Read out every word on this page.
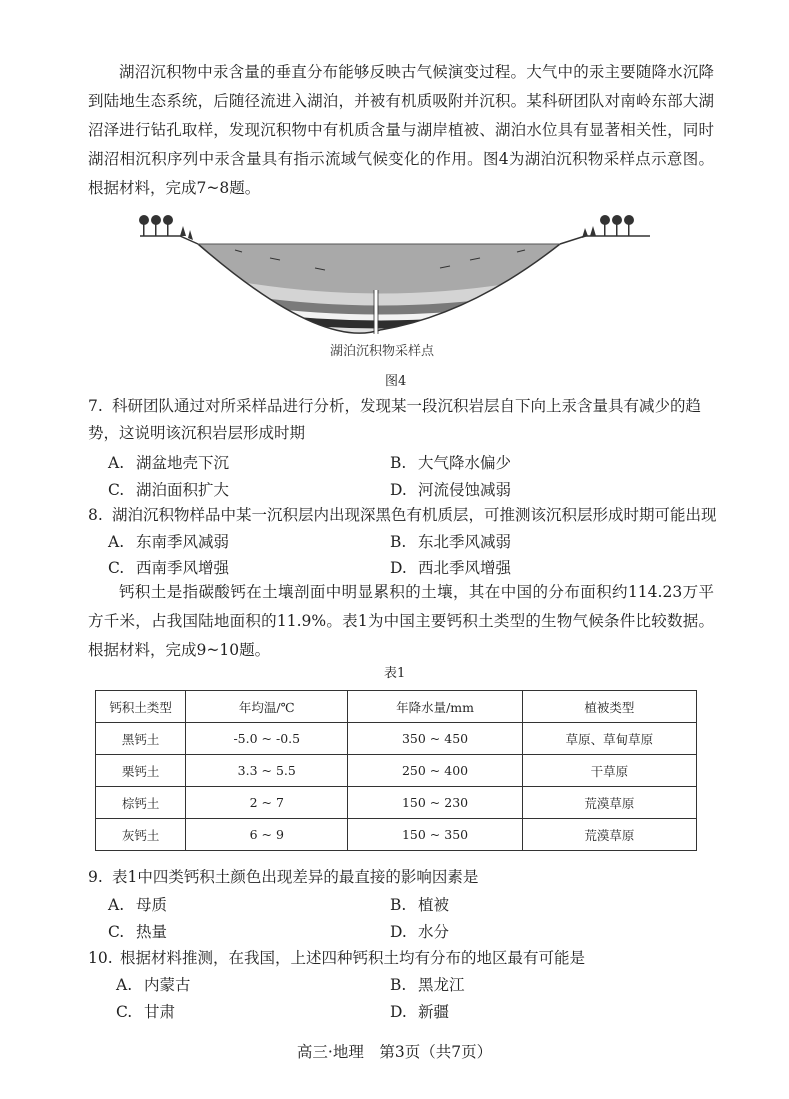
湖沼沉积物中汞含量的垂直分布能够反映古气候演变过程。大气中的汞主要随降水沉降到陆地生态系统，后随径流进入湖泊，并被有机质吸附并沉积。某科研团队对南岭东部大湖沼泽进行钻孔取样，发现沉积物中有机质含量与湖岸植被、湖泊水位具有显著相关性，同时湖沼相沉积序列中汞含量具有指示流域气候变化的作用。图4为湖泊沉积物采样点示意图。根据材料，完成7~8题。

湖泊沉积物采样点
图4
7. 科研团队通过对所采样品进行分析，发现某一段沉积岩层自下向上汞含量具有减少的趋势，这说明该沉积岩层形成时期
A. 湖盆地壳下沉	B. 大气降水偏少
C. 湖泊面积扩大	D. 河流侵蚀减弱
8. 湖泊沉积物样品中某一沉积层内出现深黑色有机质层，可推测该沉积层形成时期可能出现
A. 东南季风减弱	B. 东北季风减弱
C. 西南季风增强	D. 西北季风增强

钙积土是指碳酸钙在土壤剖面中明显累积的土壤，其在中国的分布面积约114.23万平方千米，占我国陆地面积的11.9%。表1为中国主要钙积土类型的生物气候条件比较数据。根据材料，完成9~10题。

表1
钙积土类型	年均温/℃	年降水量/mm	植被类型
黑钙土	-5.0 ~ -0.5	350 ~ 450	草原、草甸草原
栗钙土	3.3 ~ 5.5	250 ~ 400	干草原
棕钙土	2 ~ 7	150 ~ 230	荒漠草原
灰钙土	6 ~ 9	150 ~ 350	荒漠草原
9. 表1中四类钙积土颜色出现差异的最直接的影响因素是
A. 母质	B. 植被
C. 热量	D. 水分
10. 根据材料推测，在我国，上述四种钙积土均有分布的地区最有可能是
A. 内蒙古	B. 黑龙江
C. 甘肃	D. 新疆
高三·地理　第3页（共7页）
